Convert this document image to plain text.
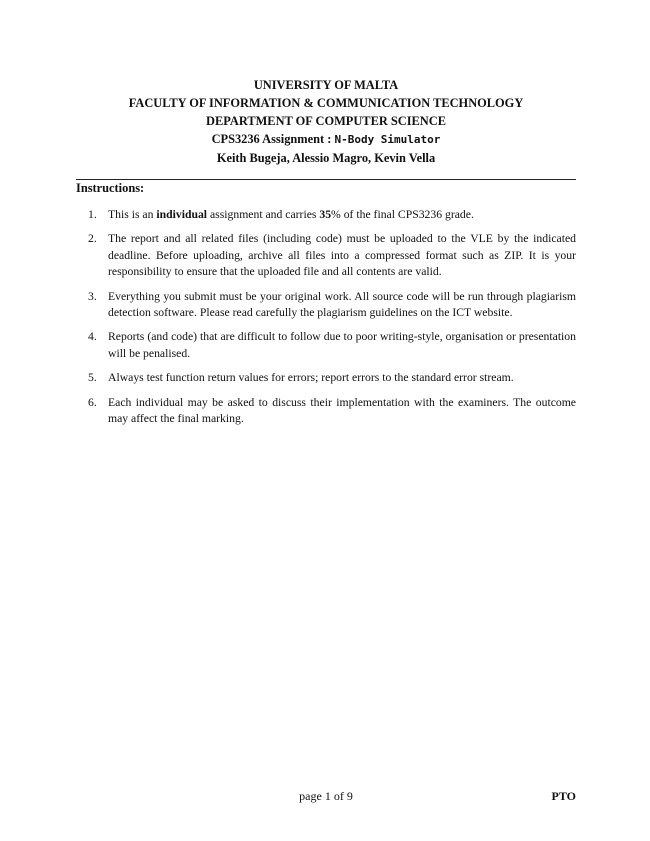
UNIVERSITY OF MALTA
FACULTY OF INFORMATION & COMMUNICATION TECHNOLOGY
DEPARTMENT OF COMPUTER SCIENCE
CPS3236 Assignment : N-Body Simulator
Keith Bugeja, Alessio Magro, Kevin Vella
Instructions:
1. This is an individual assignment and carries 35% of the final CPS3236 grade.
2. The report and all related files (including code) must be uploaded to the VLE by the indicated deadline. Before uploading, archive all files into a compressed format such as ZIP. It is your responsibility to ensure that the uploaded file and all contents are valid.
3. Everything you submit must be your original work. All source code will be run through plagiarism detection software. Please read carefully the plagiarism guidelines on the ICT website.
4. Reports (and code) that are difficult to follow due to poor writing-style, organisation or presentation will be penalised.
5. Always test function return values for errors; report errors to the standard error stream.
6. Each individual may be asked to discuss their implementation with the examiners. The outcome may affect the final marking.
page 1 of 9	PTO
